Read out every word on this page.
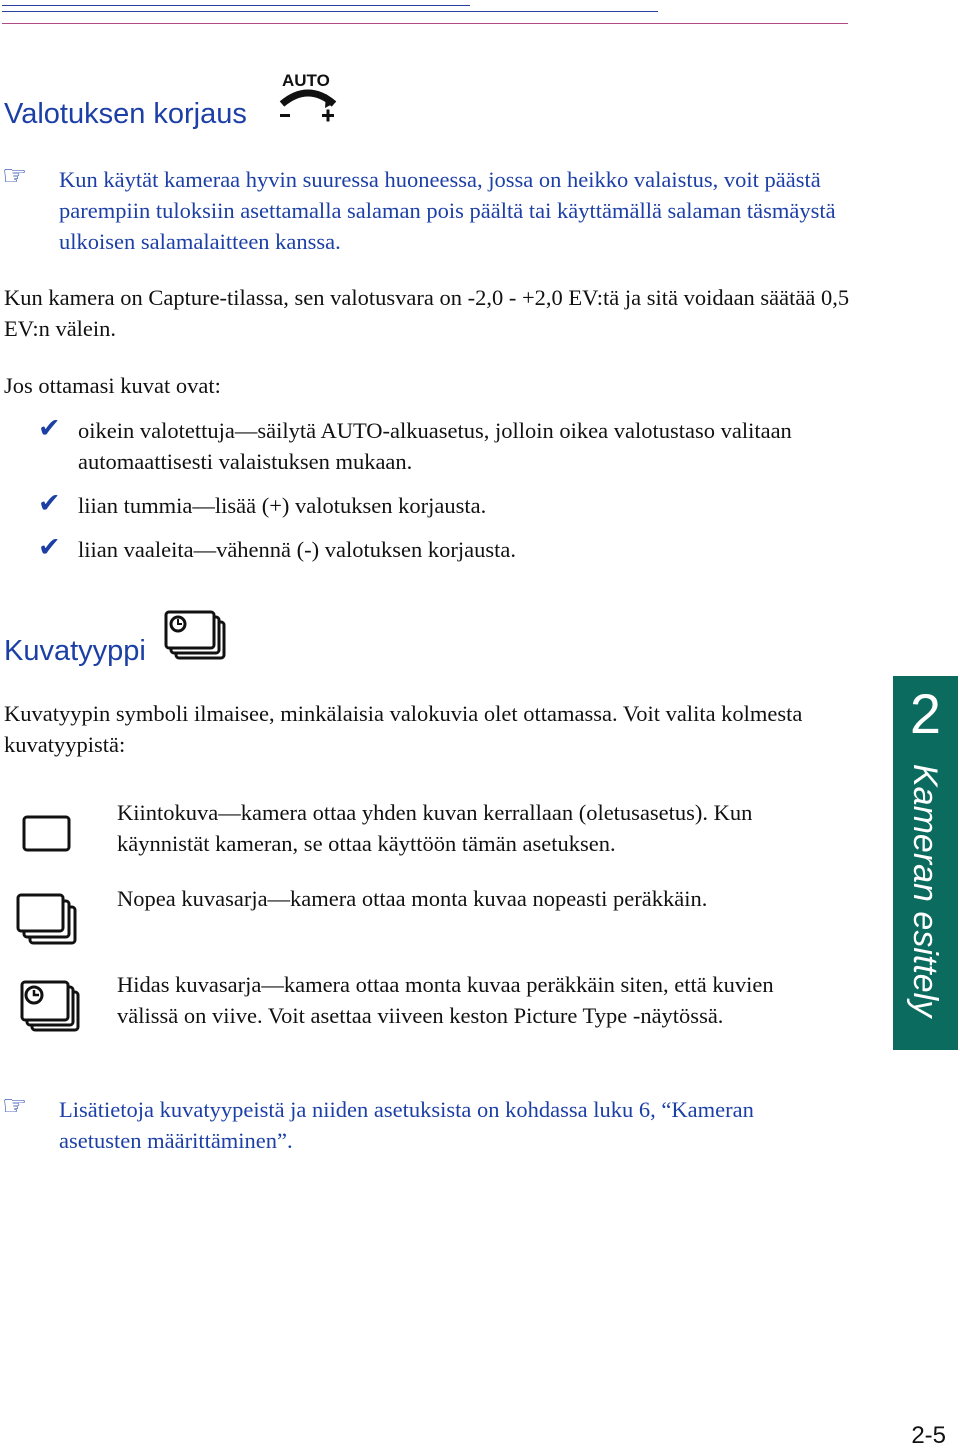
Valotuksen korjaus
AUTO
☞ Kun käytät kameraa hyvin suuressa huoneessa, jossa on heikko valaistus, voit päästä parempiin tuloksiin asettamalla salaman pois päältä tai käyttämällä salaman täsmäystä ulkoisen salamalaitteen kanssa.
Kun kamera on Capture-tilassa, sen valotusvara on -2,0 - +2,0 EV:tä ja sitä voidaan säätää 0,5 EV:n välein.
Jos ottamasi kuvat ovat:
✔ oikein valotettuja—säilytä AUTO-alkuasetus, jolloin oikea valotustaso valitaan automaattisesti valaistuksen mukaan.
✔ liian tummia—lisää (+) valotuksen korjausta.
✔ liian vaaleita—vähennä (-) valotuksen korjausta.
Kuvatyyppi
Kuvatyypin symboli ilmaisee, minkälaisia valokuvia olet ottamassa. Voit valita kolmesta kuvatyypistä:
Kiintokuva—kamera ottaa yhden kuvan kerrallaan (oletusasetus). Kun käynnistät kameran, se ottaa käyttöön tämän asetuksen.
Nopea kuvasarja—kamera ottaa monta kuvaa nopeasti peräkkäin.
Hidas kuvasarja—kamera ottaa monta kuvaa peräkkäin siten, että kuvien välissä on viive. Voit asettaa viiveen keston Picture Type -näytössä.
☞ Lisätietoja kuvatyypeistä ja niiden asetuksista on kohdassa luku 6, “Kameran asetusten määrittäminen”.
2
Kameran esittely
2-5
